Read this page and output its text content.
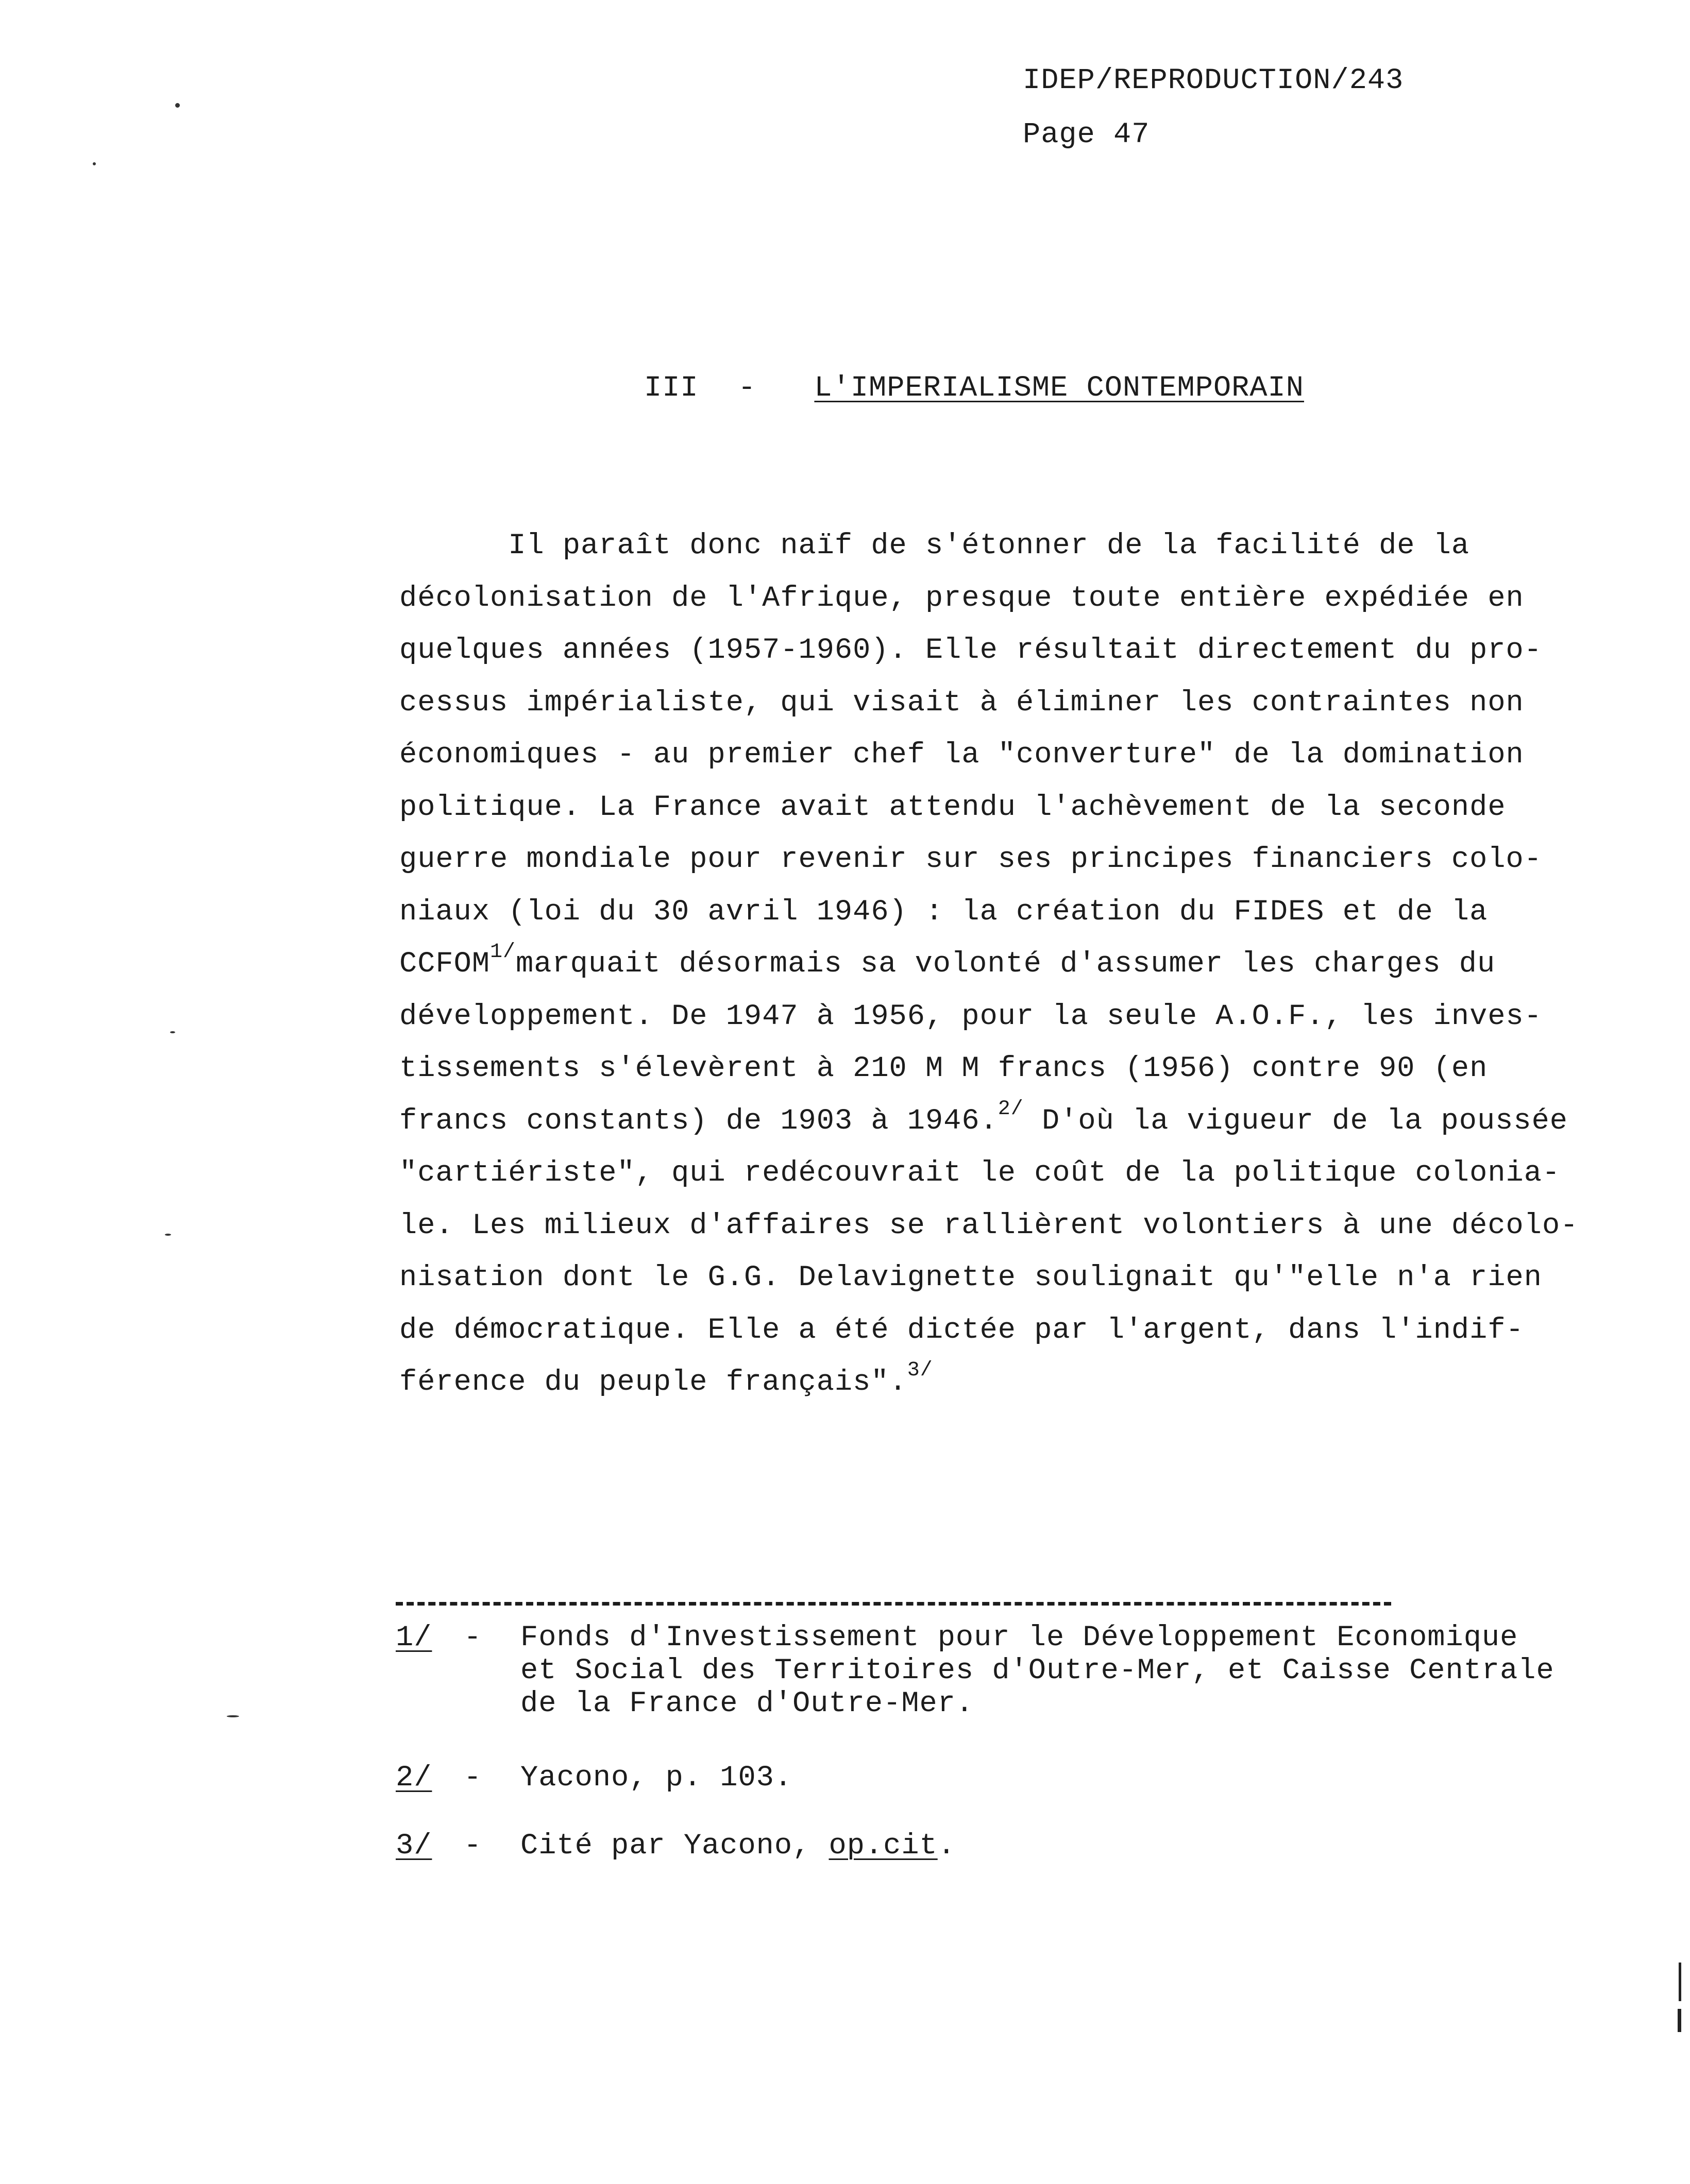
IDEP/REPRODUCTION/243
Page 47
III - L'IMPERIALISME CONTEMPORAIN
Il paraît donc naïf de s'étonner de la facilité de la
décolonisation de l'Afrique, presque toute entière expédiée en
quelques années (1957-1960). Elle résultait directement du pro-
cessus impérialiste, qui visait à éliminer les contraintes non
économiques - au premier chef la "converture" de la domination
politique. La France avait attendu l'achèvement de la seconde
guerre mondiale pour revenir sur ses principes financiers colo-
niaux (loi du 30 avril 1946) : la création du FIDES et de la
CCFOM$^{1/}$marquait désormais sa volonté d'assumer les charges du
développement. De 1947 à 1956, pour la seule A.O.F., les inves-
tissements s'élevèrent à 210 M M francs (1956) contre 90 (en
francs constants) de 1903 à 1946.$^{2/}$ D'où la vigueur de la poussée
"cartiériste", qui redécouvrait le coût de la politique colonia-
le. Les milieux d'affaires se rallièrent volontiers à une décolo-
nisation dont le G.G. Delavignette soulignait qu'"elle n'a rien
de démocratique. Elle a été dictée par l'argent, dans l'indif-
férence du peuple français".$^{3/}$
1/ - Fonds d'Investissement pour le Développement Economique
et Social des Territoires d'Outre-Mer, et Caisse Centrale
de la France d'Outre-Mer.
2/ - Yacono, p. 103.
3/ - Cité par Yacono, op.cit.
